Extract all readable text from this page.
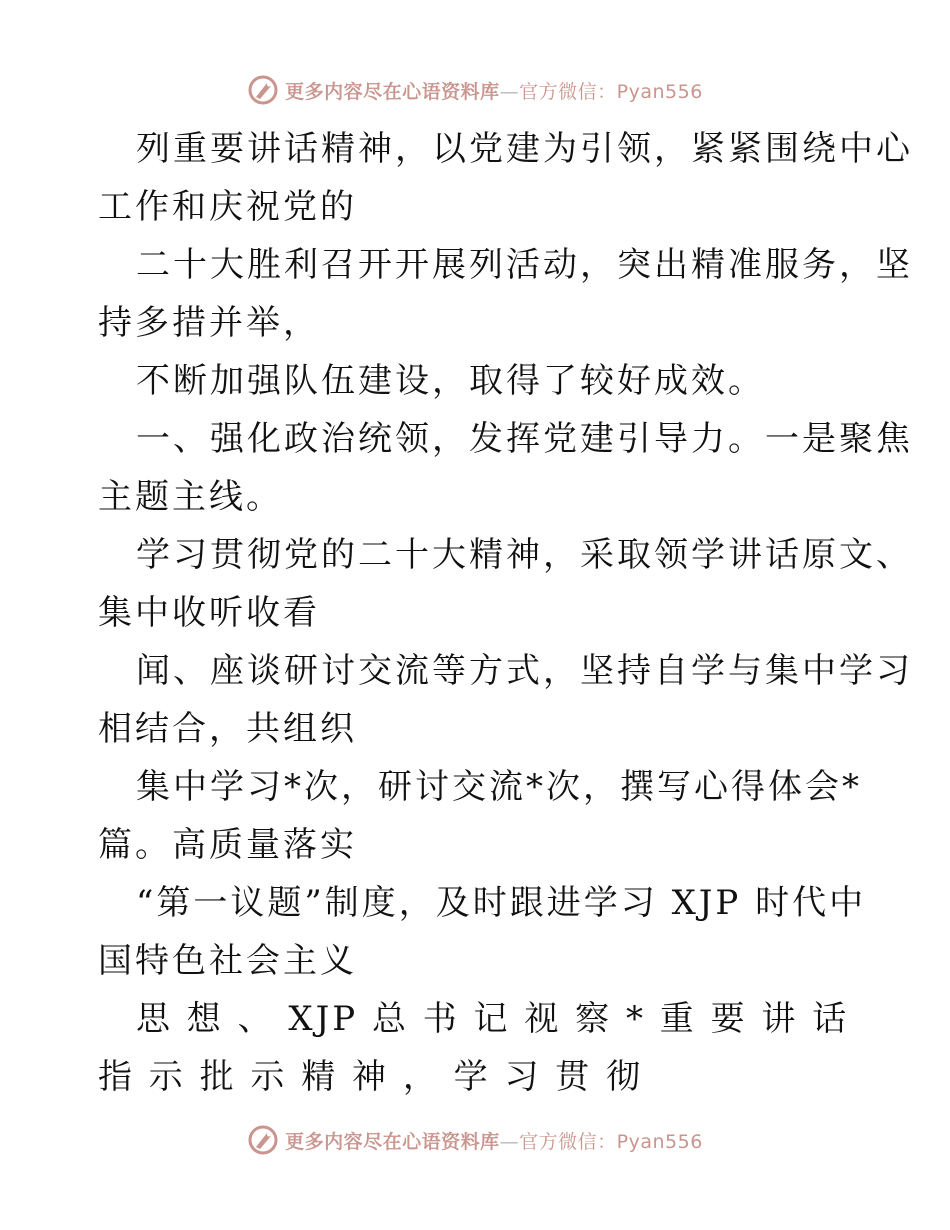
更多内容尽在心语资料库—官方微信：Pyan556
列重要讲话精神，以党建为引领，紧紧围绕中心
工作和庆祝党的
二十大胜利召开开展列活动，突出精准服务，坚
持多措并举，
不断加强队伍建设，取得了较好成效。
一、强化政治统领，发挥党建引导力。一是聚焦
主题主线。
学习贯彻党的二十大精神，采取领学讲话原文、
集中收听收看
闻、座谈研讨交流等方式，坚持自学与集中学习
相结合，共组织
集中学习*次，研讨交流*次，撰写心得体会*
篇。高质量落实
“第一议题”制度，及时跟进学习 XJP 时代中
国特色社会主义
思 想 、 XJP 总 书 记 视 察 * 重 要 讲 话
指 示 批 示 精 神 ， 学 习 贯 彻
更多内容尽在心语资料库—官方微信：Pyan556
